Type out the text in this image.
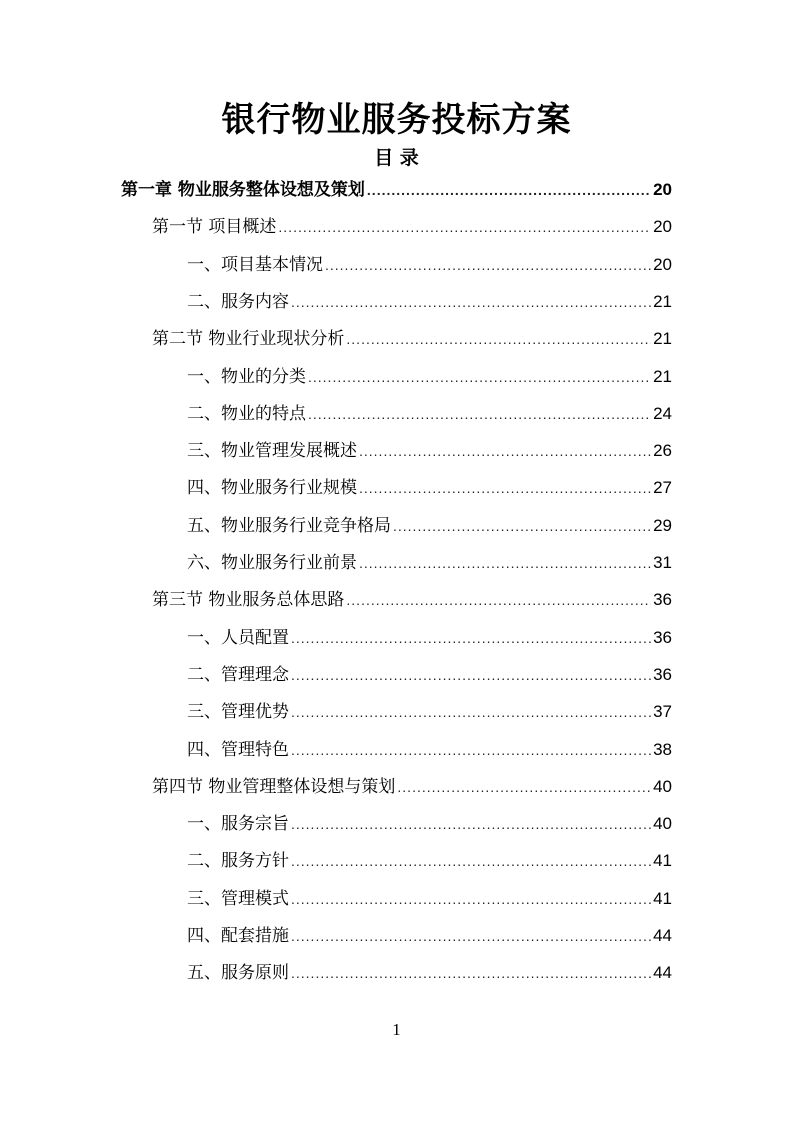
银行物业服务投标方案
目 录
第一章 物业服务整体设想及策划 .....	20
第一节 项目概述 .....	20
一、项目基本情况 .....	20
二、服务内容 .....	21
第二节 物业行业现状分析 .....	21
一、物业的分类 .....	21
二、物业的特点 .....	24
三、物业管理发展概述 .....	26
四、物业服务行业规模 .....	27
五、物业服务行业竞争格局 .....	29
六、物业服务行业前景 .....	31
第三节 物业服务总体思路 .....	36
一、人员配置 .....	36
二、管理理念 .....	36
三、管理优势 .....	37
四、管理特色 .....	38
第四节 物业管理整体设想与策划 .....	40
一、服务宗旨 .....	40
二、服务方针 .....	41
三、管理模式 .....	41
四、配套措施 .....	44
五、服务原则 .....	44
1
